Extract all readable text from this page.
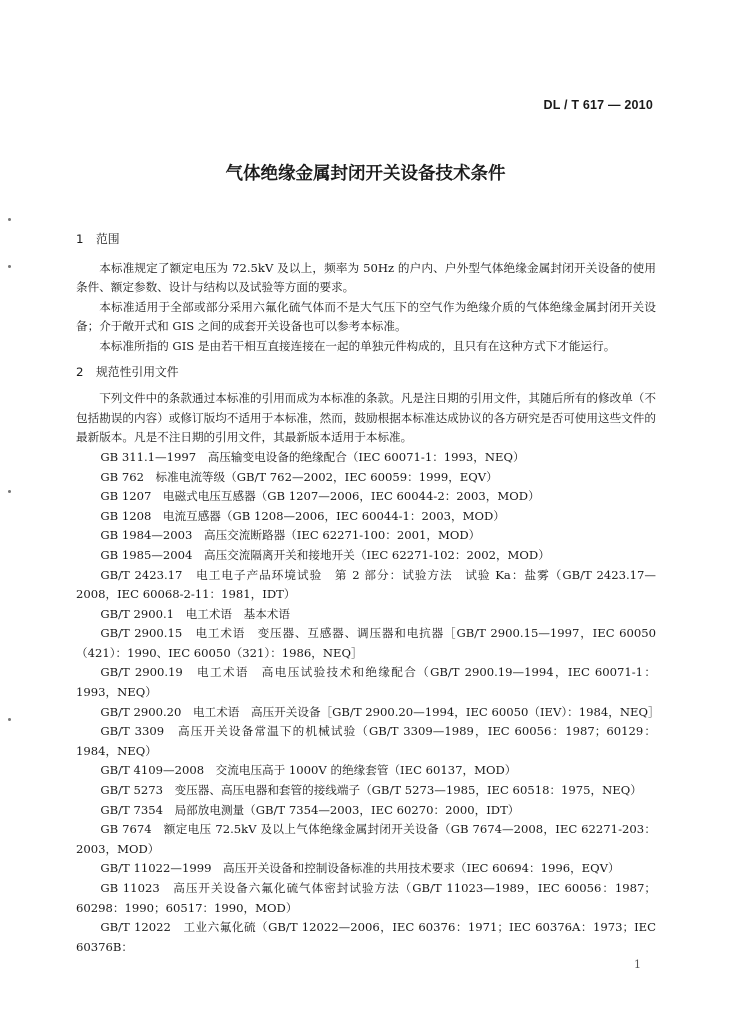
DL / T 617 — 2010
气体绝缘金属封闭开关设备技术条件
1 范围

本标准规定了额定电压为 72.5kV 及以上，频率为 50Hz 的户内、户外型气体绝缘金属封闭开关设备的使用条件、额定参数、设计与结构以及试验等方面的要求。

本标准适用于全部或部分采用六氟化硫气体而不是大气压下的空气作为绝缘介质的气体绝缘金属封闭开关设备；介于敞开式和 GIS 之间的成套开关设备也可以参考本标准。

本标准所指的 GIS 是由若干相互直接连接在一起的单独元件构成的，且只有在这种方式下才能运行。

2 规范性引用文件

下列文件中的条款通过本标准的引用而成为本标准的条款。凡是注日期的引用文件，其随后所有的修改单（不包括勘误的内容）或修订版均不适用于本标准，然而，鼓励根据本标准达成协议的各方研究是否可使用这些文件的最新版本。凡是不注日期的引用文件，其最新版本适用于本标准。

GB 311.1—1997　高压输变电设备的绝缘配合（IEC 60071-1：1993，NEQ）

GB 762　标准电流等级（GB/T 762—2002，IEC 60059：1999，EQV）

GB 1207　电磁式电压互感器（GB 1207—2006，IEC 60044-2：2003，MOD）

GB 1208　电流互感器（GB 1208—2006，IEC 60044-1：2003，MOD）

GB 1984—2003　高压交流断路器（IEC 62271-100：2001，MOD）

GB 1985—2004　高压交流隔离开关和接地开关（IEC 62271-102：2002，MOD）

GB/T 2423.17　电工电子产品环境试验　第 2 部分：试验方法　试验 Ka：盐雾（GB/T 2423.17—2008，IEC 60068-2-11：1981，IDT）

GB/T 2900.1　电工术语　基本术语

GB/T 2900.15　电工术语　变压器、互感器、调压器和电抗器［GB/T 2900.15—1997，IEC 60050（421）：1990、IEC 60050（321）：1986，NEQ］

GB/T 2900.19　电工术语　高电压试验技术和绝缘配合（GB/T 2900.19—1994，IEC 60071-1：1993，NEQ）

GB/T 2900.20　电工术语　高压开关设备［GB/T 2900.20—1994，IEC 60050（IEV）：1984，NEQ］

GB/T 3309　高压开关设备常温下的机械试验（GB/T 3309—1989，IEC 60056：1987；60129：1984，NEQ）

GB/T 4109—2008　交流电压高于 1000V 的绝缘套管（IEC 60137，MOD）

GB/T 5273　变压器、高压电器和套管的接线端子（GB/T 5273—1985，IEC 60518：1975，NEQ）

GB/T 7354　局部放电测量（GB/T 7354—2003，IEC 60270：2000，IDT）

GB 7674　额定电压 72.5kV 及以上气体绝缘金属封闭开关设备（GB 7674—2008，IEC 62271-203：2003，MOD）

GB/T 11022—1999　高压开关设备和控制设备标准的共用技术要求（IEC 60694：1996，EQV）

GB 11023　高压开关设备六氟化硫气体密封试验方法（GB/T 11023—1989，IEC 60056：1987；60298：1990；60517：1990，MOD）

GB/T 12022　工业六氟化硫（GB/T 12022—2006，IEC 60376：1971；IEC 60376A：1973；IEC 60376B：

1
